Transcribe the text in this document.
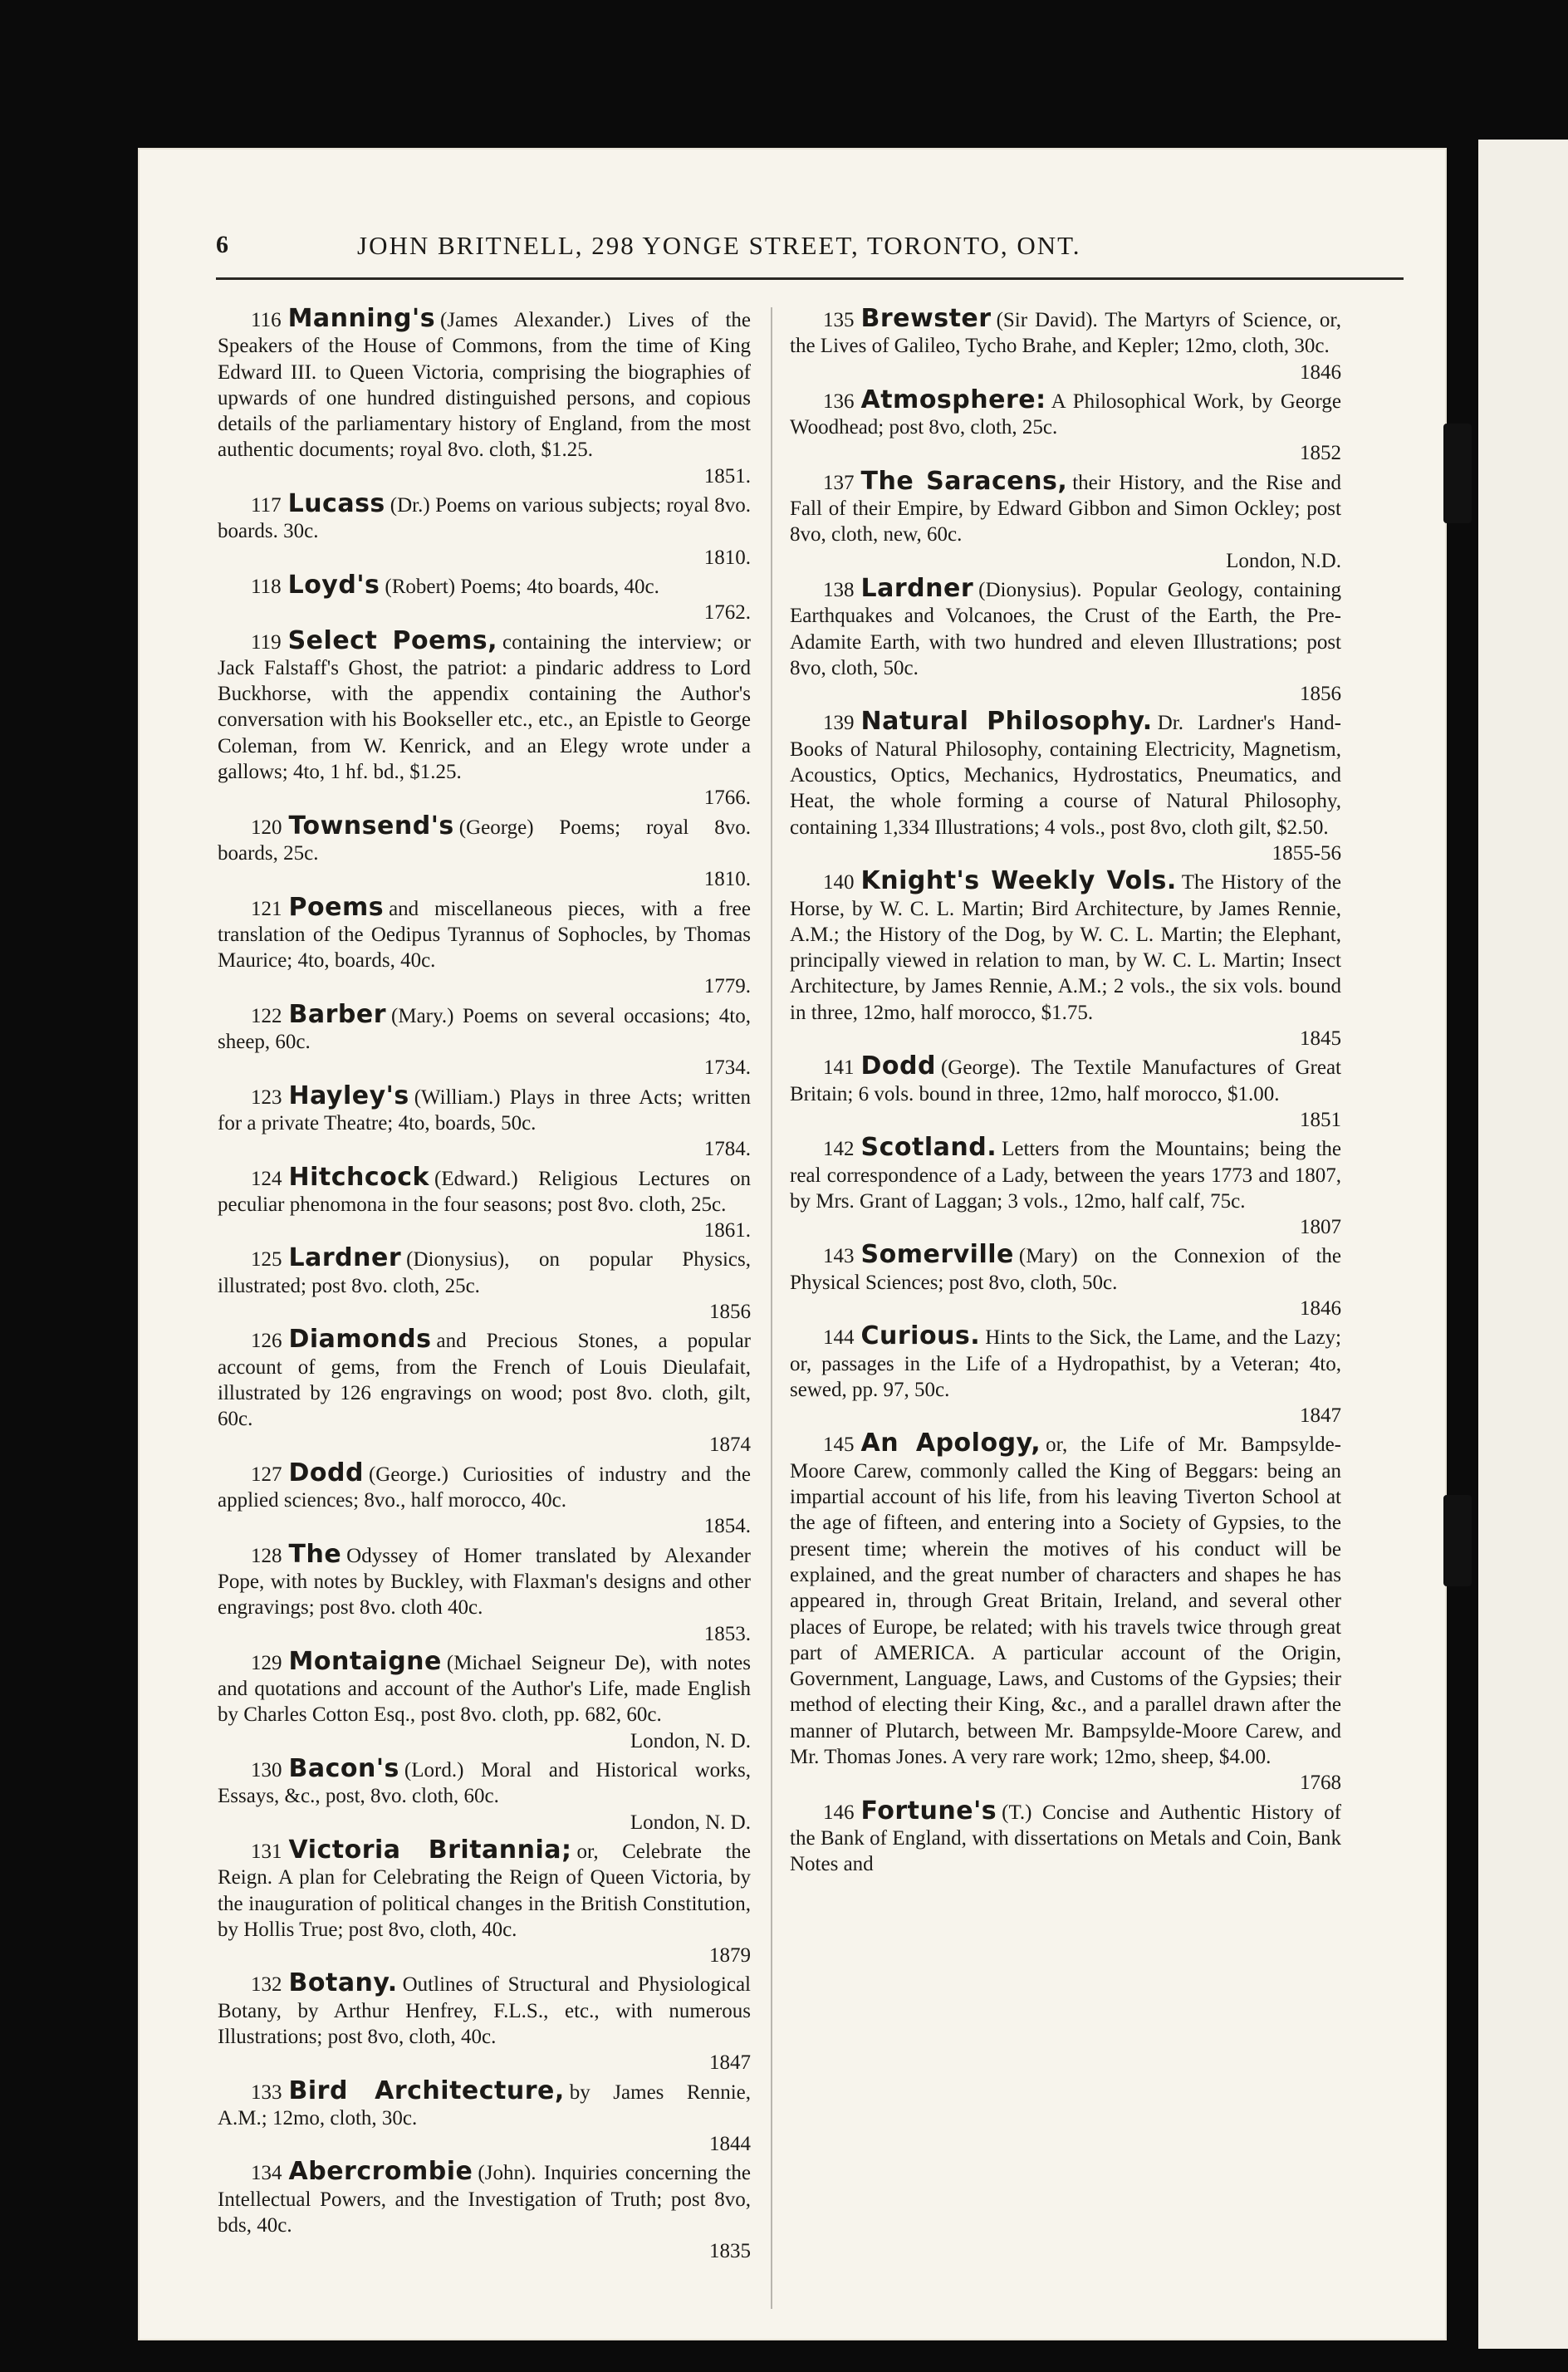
6	JOHN BRITNELL, 298 YONGE STREET, TORONTO, ONT.

116 Manning's (James Alexander.) Lives of the Speakers of the House of Commons, from the time of King Edward III. to Queen Victoria, comprising the biographies of upwards of one hundred distinguished persons, and copious details of the parliamentary history of England, from the most authentic documents; royal 8vo. cloth, $1.25.
1851.

117 Lucass (Dr.) Poems on various subjects; royal 8vo. boards. 30c.
1810.

118 Loyd's (Robert) Poems; 4to boards, 40c.
1762.

119 Select Poems, containing the interview; or Jack Falstaff's Ghost, the patriot: a pindaric address to Lord Buckhorse, with the appendix containing the Author's conversation with his Bookseller etc., etc., an Epistle to George Coleman, from W. Kenrick, and an Elegy wrote under a gallows; 4to, 1 hf. bd., $1.25.
1766.

120 Townsend's (George) Poems; royal 8vo. boards, 25c.
1810.

121 Poems and miscellaneous pieces, with a free translation of the Oedipus Tyrannus of Sophocles, by Thomas Maurice; 4to, boards, 40c.
1779.

122 Barber (Mary.) Poems on several occasions; 4to, sheep, 60c.
1734.

123 Hayley's (William.) Plays in three Acts; written for a private Theatre; 4to, boards, 50c.
1784.

124 Hitchcock (Edward.) Religious Lectures on peculiar phenomona in the four seasons; post 8vo. cloth, 25c.
1861.

125 Lardner (Dionysius), on popular Physics, illustrated; post 8vo. cloth, 25c.
1856

126 Diamonds and Precious Stones, a popular account of gems, from the French of Louis Dieulafait, illustrated by 126 engravings on wood; post 8vo. cloth, gilt, 60c.
1874

127 Dodd (George.) Curiosities of industry and the applied sciences; 8vo., half morocco, 40c.
1854.

128 The Odyssey of Homer translated by Alexander Pope, with notes by Buckley, with Flaxman's designs and other engravings; post 8vo. cloth 40c.
1853.

129 Montaigne (Michael Seigneur De), with notes and quotations and account of the Author's Life, made English by Charles Cotton Esq., post 8vo. cloth, pp. 682, 60c.
London, N. D.

130 Bacon's (Lord.) Moral and Historical works, Essays, &c., post, 8vo. cloth, 60c.
London, N. D.

131 Victoria Britannia; or, Celebrate the Reign. A plan for Celebrating the Reign of Queen Victoria, by the inauguration of political changes in the British Constitution, by Hollis True; post 8vo, cloth, 40c.
1879

132 Botany. Outlines of Structural and Physiological Botany, by Arthur Henfrey, F.L.S., etc., with numerous Illustrations; post 8vo, cloth, 40c.
1847

133 Bird Architecture, by James Rennie, A.M.; 12mo, cloth, 30c.
1844

134 Abercrombie (John). Inquiries concerning the Intellectual Powers, and the Investigation of Truth; post 8vo, bds, 40c.
1835

135 Brewster (Sir David). The Martyrs of Science, or, the Lives of Galileo, Tycho Brahe, and Kepler; 12mo, cloth, 30c.
1846

136 Atmosphere: A Philosophical Work, by George Woodhead; post 8vo, cloth, 25c.
1852

137 The Saracens, their History, and the Rise and Fall of their Empire, by Edward Gibbon and Simon Ockley; post 8vo, cloth, new, 60c.
London, N.D.

138 Lardner (Dionysius). Popular Geology, containing Earthquakes and Volcanoes, the Crust of the Earth, the Pre-Adamite Earth, with two hundred and eleven Illustrations; post 8vo, cloth, 50c.
1856

139 Natural Philosophy. Dr. Lardner's Hand-Books of Natural Philosophy, containing Electricity, Magnetism, Acoustics, Optics, Mechanics, Hydrostatics, Pneumatics, and Heat, the whole forming a course of Natural Philosophy, containing 1,334 Illustrations; 4 vols., post 8vo, cloth gilt, $2.50.
1855-56

140 Knight's Weekly Vols. The History of the Horse, by W. C. L. Martin; Bird Architecture, by James Rennie, A.M.; the History of the Dog, by W. C. L. Martin; the Elephant, principally viewed in relation to man, by W. C. L. Martin; Insect Architecture, by James Rennie, A.M.; 2 vols., the six vols. bound in three, 12mo, half morocco, $1.75.
1845

141 Dodd (George). The Textile Manufactures of Great Britain; 6 vols. bound in three, 12mo, half morocco, $1.00.
1851

142 Scotland. Letters from the Mountains; being the real correspondence of a Lady, between the years 1773 and 1807, by Mrs. Grant of Laggan; 3 vols., 12mo, half calf, 75c.
1807

143 Somerville (Mary) on the Connexion of the Physical Sciences; post 8vo, cloth, 50c.
1846

144 Curious. Hints to the Sick, the Lame, and the Lazy; or, passages in the Life of a Hydropathist, by a Veteran; 4to, sewed, pp. 97, 50c.
1847

145 An Apology, or, the Life of Mr. Bampsylde-Moore Carew, commonly called the King of Beggars: being an impartial account of his life, from his leaving Tiverton School at the age of fifteen, and entering into a Society of Gypsies, to the present time; wherein the motives of his conduct will be explained, and the great number of characters and shapes he has appeared in, through Great Britain, Ireland, and several other places of Europe, be related; with his travels twice through great part of AMERICA. A particular account of the Origin, Government, Language, Laws, and Customs of the Gypsies; their method of electing their King, &c., and a parallel drawn after the manner of Plutarch, between Mr. Bampsylde-Moore Carew, and Mr. Thomas Jones. A very rare work; 12mo, sheep, $4.00.
1768

146 Fortune's (T.) Concise and Authentic History of the Bank of England, with dissertations on Metals and Coin, Bank Notes and
